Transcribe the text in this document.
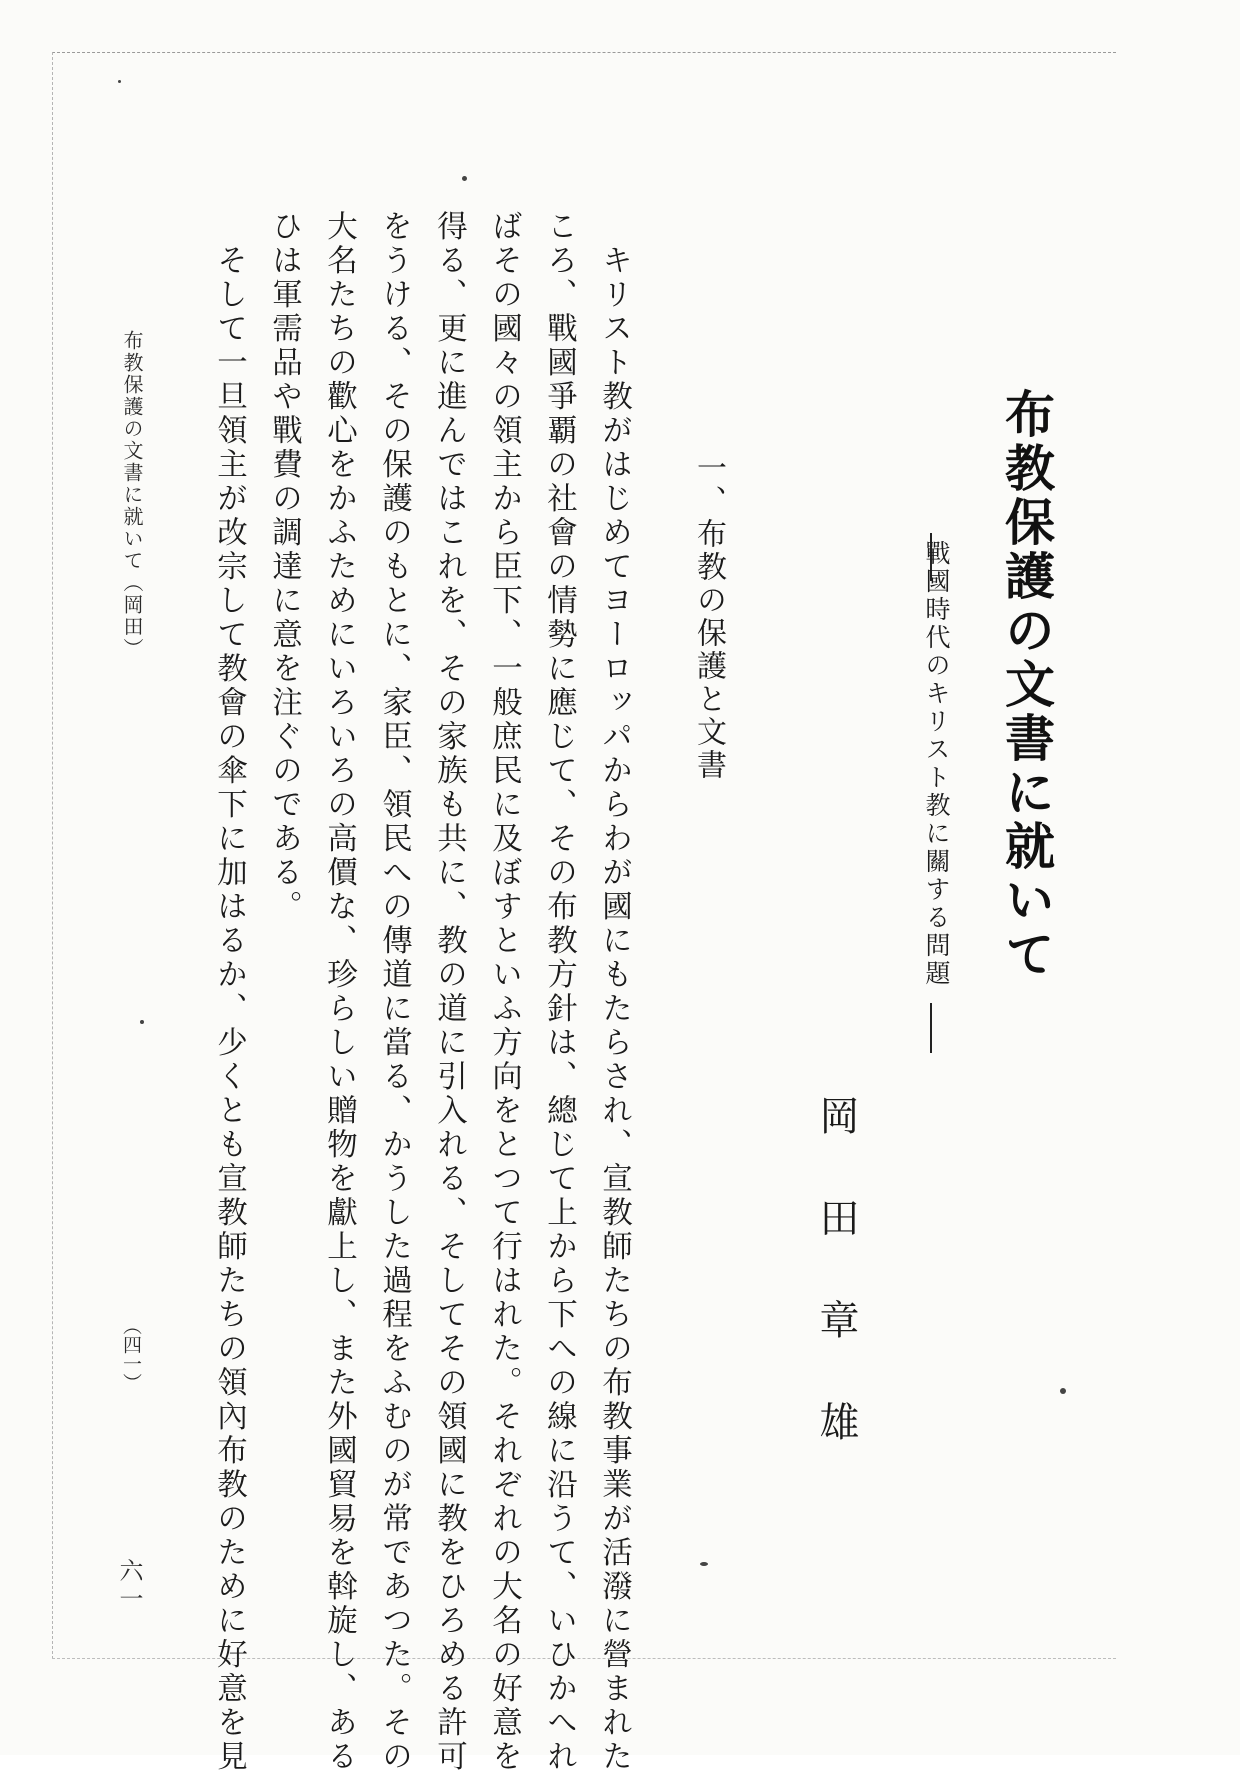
布教保護の文書に就いて
戰國時代のキリスト教に關する問題
岡田章雄
一、布教の保護と文書
　キリスト教がはじめてヨーロッパからわが國にもたらされ、宣教師たちの布教事業が活潑に營まれた
ころ、戰國爭覇の社會の情勢に應じて、その布教方針は、總じて上から下への線に沿うて、いひかへれ
ばその國々の領主から臣下、一般庶民に及ぼすといふ方向をとつて行はれた。それぞれの大名の好意を
得る、更に進んではこれを、その家族も共に、教の道に引入れる、そしてその領國に教をひろめる許可
をうける、その保護のもとに、家臣、領民への傳道に當る、かうした過程をふむのが常であつた。その
大名たちの歡心をかふためにいろいろの高價な、珍らしい贈物を獻上し、また外國貿易を斡旋し、ある
ひは軍需品や戰費の調達に意を注ぐのである。
　そして一旦領主が改宗して教會の傘下に加はるか、少くとも宣教師たちの領內布教のために好意を見
布教保護の文書に就いて（岡田）
（四一）
六一
